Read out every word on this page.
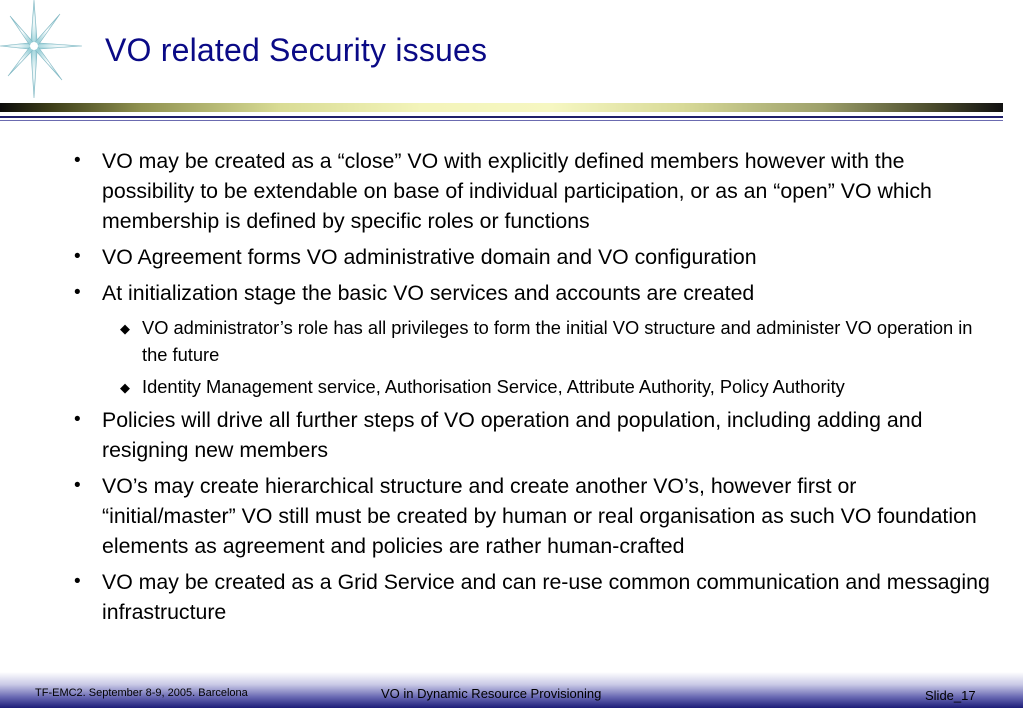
VO related Security issues
• VO may be created as a “close” VO with explicitly defined members however with the possibility to be extendable on base of individual participation, or as an “open” VO which membership is defined by specific roles or functions
• VO Agreement forms VO administrative domain and VO configuration
• At initialization stage the basic VO services and accounts are created
◆ VO administrator’s role has all privileges to form the initial VO structure and administer VO operation in the future
◆ Identity Management service, Authorisation Service, Attribute Authority, Policy Authority
• Policies will drive all further steps of VO operation and population, including adding and resigning new members
• VO’s may create hierarchical structure and create another VO’s, however first or “initial/master” VO still must be created by human or real organisation as such VO foundation elements as agreement and policies are rather human-crafted
• VO may be created as a Grid Service and can re-use common communication and messaging infrastructure
TF-EMC2. September 8-9, 2005. Barcelona	VO in Dynamic Resource Provisioning	Slide_17
